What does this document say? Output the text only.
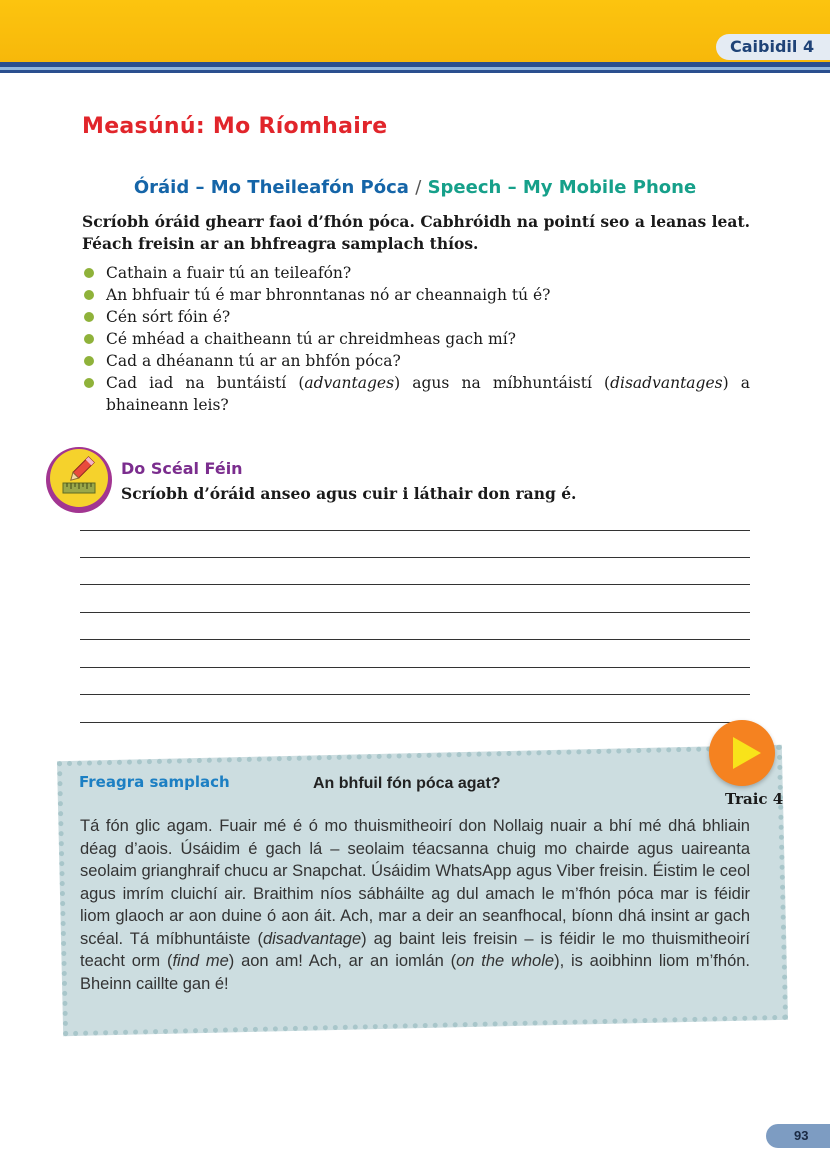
Caibidil 4
Measúnú: Mo Ríomhaire
Óráid – Mo Theileafón Póca / Speech – My Mobile Phone

Scríobh óráid ghearr faoi d’fhón póca. Cabhróidh na pointí seo a leanas leat. Féach freisin ar an bhfreagra samplach thíos.

Cathain a fuair tú an teileafón?
An bhfuair tú é mar bhronntanas nó ar cheannaigh tú é?
Cén sórt fóin é?
Cé mhéad a chaitheann tú ar chreidmheas gach mí?
Cad a dhéanann tú ar an bhfón póca?
Cad iad na buntáistí (advantages) agus na míbhuntáistí (disadvantages) a bhaineann leis?
Do Scéal Féin
Scríobh d’óráid anseo agus cuir i láthair don rang é.
Freagra samplach	An bhfuil fón póca agat?
Traic 4

Tá fón glic agam. Fuair mé é ó mo thuismitheoirí don Nollaig nuair a bhí mé dhá bhliain déag d’aois. Úsáidim é gach lá – seolaim téacsanna chuig mo chairde agus uaireanta seolaim grianghraif chucu ar Snapchat. Úsáidim WhatsApp agus Viber freisin. Éistim le ceol agus imrím cluichí air. Braithim níos sábháilte ag dul amach le m’fhón póca mar is féidir liom glaoch ar aon duine ó aon áit. Ach, mar a deir an seanfhocal, bíonn dhá insint ar gach scéal. Tá míbhuntáiste (disadvantage) ag baint leis freisin – is féidir le mo thuismitheoirí teacht orm (find me) aon am! Ach, ar an iomlán (on the whole), is aoibhinn liom m’fhón. Bheinn caillte gan é!

93
